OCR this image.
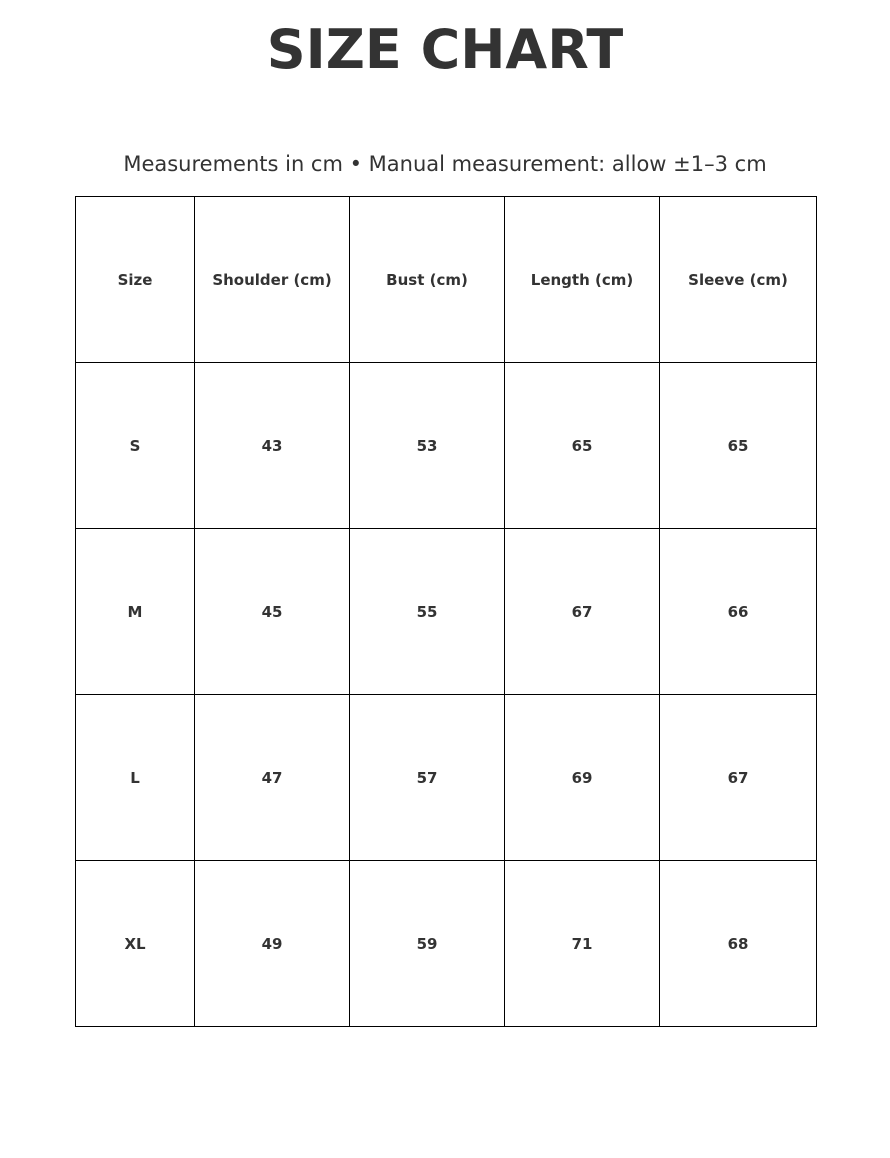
SIZE CHART

Measurements in cm • Manual measurement: allow ±1–3 cm

Size	Shoulder (cm)	Bust (cm)	Length (cm)	Sleeve (cm)
S	43	53	65	65
M	45	55	67	66
L	47	57	69	67
XL	49	59	71	68
